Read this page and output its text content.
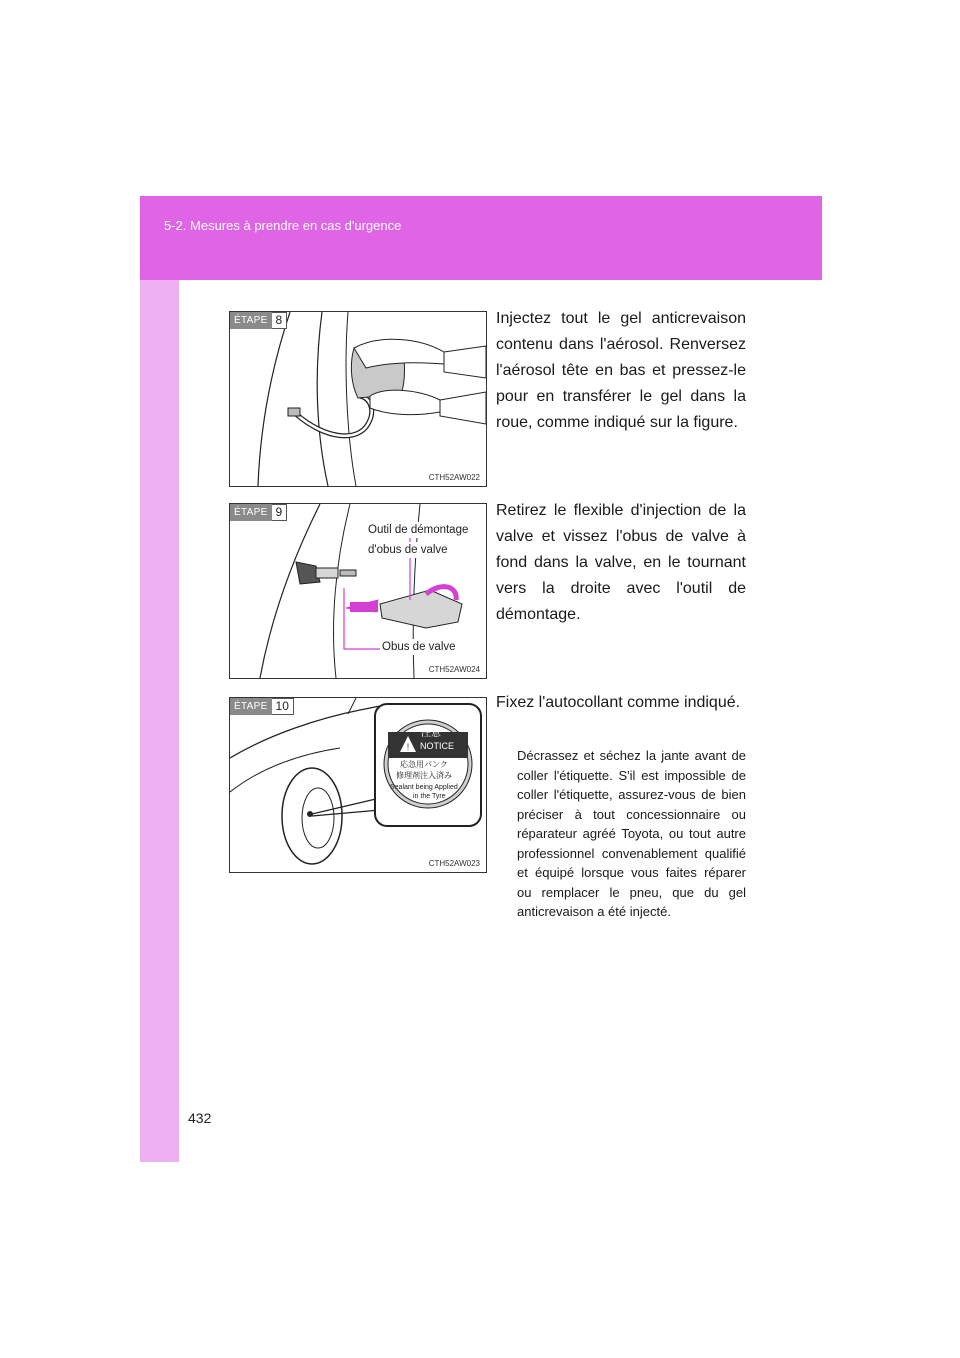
5-2. Mesures à prendre en cas d'urgence
ÉTAPE 8
CTH52AW022
Injectez tout le gel anticrevaison contenu dans l'aérosol. Renversez l'aérosol tête en bas et pressez-le pour en transférer le gel dans la roue, comme indiqué sur la figure.
ÉTAPE 9
Outil de démontage
d'obus de valve
Obus de valve
CTH52AW024
Retirez le flexible d'injection de la valve et vissez l'obus de valve à fond dans la valve, en le tournant vers la droite avec l'outil de démontage.
!
注意
NOTICE
応急用パンク
修理剤注入済み
Sealant being Applied
in the Tyre
ÉTAPE 10
CTH52AW023
Fixez l'autocollant comme indiqué.
Décrassez et séchez la jante avant de coller l'étiquette. S'il est impossible de coller l'étiquette, assurez-vous de bien préciser à tout concessionnaire ou réparateur agréé Toyota, ou tout autre professionnel convenablement qualifié et équipé lorsque vous faites réparer ou remplacer le pneu, que du gel anticrevaison a été injecté.
432
